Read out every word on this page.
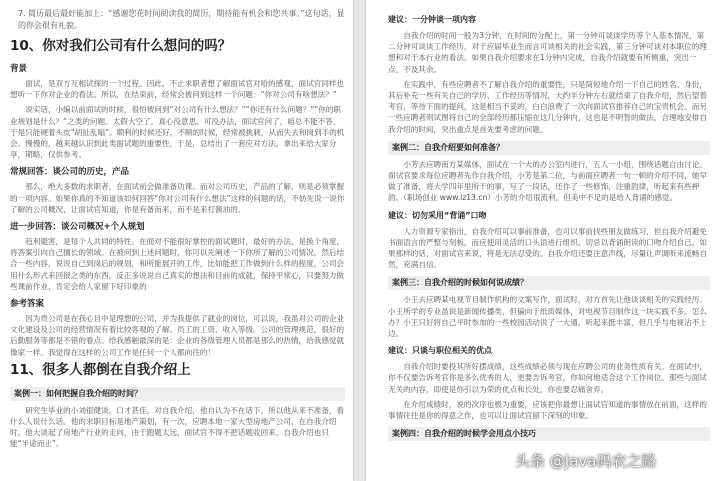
7. 简历最后最好能加上：“感谢您花时间阅读我的简历，期待能有机会和您共事。”这句话，显的你会很有礼貌。

10、你对我们公司有什么想问的吗？
背景

面试，是双方互相试探的一个过程。因此，不止求职者想了解面试官对哈的感观，面试官同样也想听一下你对企业的看法。所以，在结束前，经常会被问到这样一个问题：“你对公司有啥想法？”

说实话，小编以前面试的时候，很怕被问到“对公司有什么想法？”“你还有什么问题？”“你的职业规划是什么？”之类的问题。太假大空了，真心没意思。可没办法，面试官问了，咱总不能不答，于是只能硬着头皮“胡扯乱嗡”。顺利的时候还好，不顺的时候，经常被挑刺，从而失去和岗到手的机会。慢慢的，越来越认识到此类面试题的重要性，于是，总结出了一套应对方法，拿出来给大家分享，期略，仅供参考。

常规回答：谈公司的历史，产品

那么，绝大多数的求职者，在面试前会做准备功课。而对公司历史，产品的了解，则是必须掌握的一项内容。如果你真的不知道该如何回答“你对公司有什么想法”这样的问题的话，不妨先说一说你了解的公司概况，让面试官知道，你是有备而来，而不是来打酱油的。

进一步回答：谈公司概况+个人规划

趋利避害，是每个人共同的特性。在面对不能很好掌控的面试题时，最好的办法，是换个角度，将答案引向自己擅长的领域。在被问到上述问题时，你可以先阐述一下你所了解的公司情况，然后结合一些内容，说说自己到岗后的规划，和所能展开的工作，比如能把工作做到什么样的程度，公司会用什么形式来回报之类的东西。反正多说说自己真实的想法和目前的成就，保持平常心，只要努力做些课前作业，肯定会给人家留下好印象的

参考答案

因为贵公司是在我心目中是理想的公司，并为我提供了就业的岗位，可以说，我虽对公司的企业文化建设及公司的经营情况有着比较客观的了解。员工的工资、收入等级。公司的管理规范，很好的后勤服务等都是不错的看点。给我感触最深的是：企业的各级管理人员都是那么的热情，给我感觉就像家一样。我觉得在这样的公司工作是任何一个人都向往的！

11、很多人都倒在自我介绍上
案例一：如何把握自我介绍的时间？

研究生毕业的小刘很健谈，口才甚佳，对自我介绍，他自认为不在话下，所以他从来不准备，看什么人说什么话。他的求职目标是地产策划，有一次，应聘本地一家大型房地产公司，在自我介绍时，他大谈起了房地产行业的走向，由于跑题太远，面试官不得不把话题收回来。自我介绍也只能“半途而止”。

建议：一分钟谈一项内容

自我介绍的时间一般为3分钟，在时间的分配上，第一分钟可谈谈学历等个人基本情况，第二分钟可谈谈工作经历，对于应届毕业生而言可谈相关的社会实践，第三分钟可谈对本职位的理想和对于本行业的看法。如果自我介绍要求在1分钟内完成，自我介绍就要有所侧重，突出一点，不及其余。

在实践中，有些应聘者不了解自我介绍的重要性，只是简短地介绍一下自己的姓名、身份，其后补充一些有关自己的学历、工作经历等情况，大约半分钟左右就结束了自我介绍，然后望着考官，等待下面的提问，这是相当不妥的，白白浪费了一次向面试官推荐自己的宝贵机会。而另一些应聘者则试图将自己的全部经历都压缩在这几分钟内，这也是不明智的做法，合理地安排自我介绍的时间，突出重点是首先要考虑的问题。

案例二：自我介绍要如何准备？

小芳去应聘南方某媒体，面试在一个大的办公室内进行，五人一小组，围绕话题自由讨论。面试官要求每位应聘者先作自我介绍，小芳是第二位，与前面应聘者一句一顿的介绍不同，她早做了准备，将大学四年里所干的事，写了一段话，还作了一些修饰，注重韵律，听起来有些押韵。（职场创业 www.lz13.cn）小芳的介绍很流利，但美中不足的是给人背诵的感觉。

建议：切勿采用“背诵”口吻

人力资源专家指出，自我介绍可以事前准备，也可以事前找些朋友做练习，但自我介绍避免书面语言的严整与刻板，而应使用灵活的口头语进行组织。切忌以背诵朗读的口吻介绍自己，如果那样的话，对面试官来说，将是无法忍受的。自我介绍还要注意声线，尽量让声调听来流畅自然，充满自信。

案例三：自我介绍的时候如何说成绩？

小王去应聘某电视节目制作机构的文案写作，面试时，对方首先让他谈谈相关的实践经历。小王所学的专业虽说是新闻传播类，但偏向于纸质媒体，对电视节目制作这一块实践不多。怎么办？小王只好将自己平时参加的一些校园活动说了一大通，听起来挺丰富，但几乎与电视沾不上边。

建议：只谈与职位相关的优点

自我介绍时要投其所好摆成绩，这些成绩必须与现在应聘公司的业务性质有关。在面试中，你不仅要告诉考官你是多么优秀的人，更要告诉考官，你如何地适合这个工作岗位。那些与面试无关的内容，即使是你引以为荣的优点和长处，你也要忍痛舍弃。

在介绍成绩时，说的次序也极为重要，应该把你最想让面试官知道的事情放在前面，这样的事情往往是你的得意之作，也可以让面试官留下深刻的印象。

案例四：自我介绍的时候学会用点小技巧
头条 @Java码农之路
